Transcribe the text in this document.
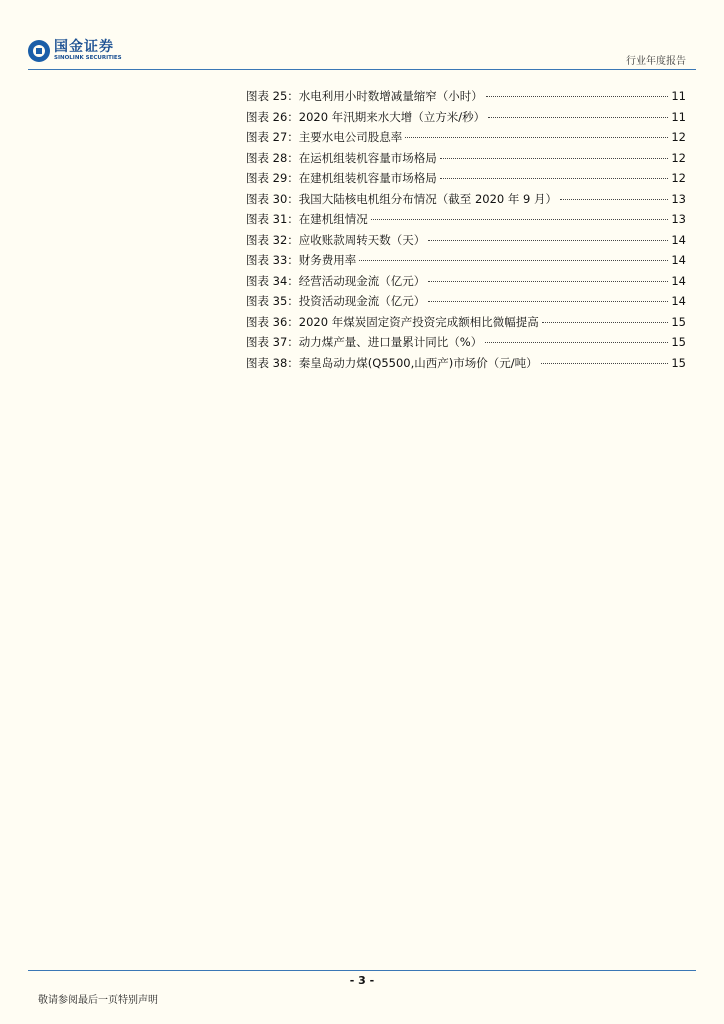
国金证券
SINOLINK SECURITIES	行业年度报告
图表 25：水电利用小时数增减量缩窄（小时）	11
图表 26：2020 年汛期来水大增（立方米/秒）	11
图表 27：主要水电公司股息率	12
图表 28：在运机组装机容量市场格局	12
图表 29：在建机组装机容量市场格局	12
图表 30：我国大陆核电机组分布情况（截至 2020 年 9 月）	13
图表 31：在建机组情况	13
图表 32：应收账款周转天数（天）	14
图表 33：财务费用率	14
图表 34：经营活动现金流（亿元）	14
图表 35：投资活动现金流（亿元）	14
图表 36：2020 年煤炭固定资产投资完成额相比微幅提高	15
图表 37：动力煤产量、进口量累计同比（%）	15
图表 38：秦皇岛动力煤(Q5500,山西产)市场价（元/吨）	15
- 3 -
敬请参阅最后一页特别声明
